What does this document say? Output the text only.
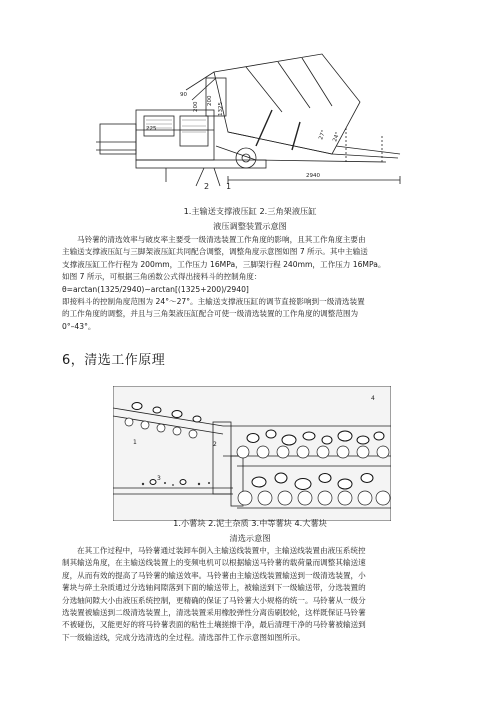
200
200
90
225
1325
27° 24°
2940
1
2
1.主输送支撑液压缸 2.三角架液压缸
液压调整装置示意图

马铃薯的清选效率与破皮率主要受一级清选装置工作角度的影响，且其工作角度主要由
主输送支撑液压缸与三脚架液压缸共同配合调整，调整角度示意图如图 7 所示。其中主输送
支撑液压缸工作行程为 200mm，工作压力 16MPa，三脚架行程 240mm，工作压力 16MPa。
如图 7 所示，可根据三角函数公式得出接料斗的控制角度：
θ=arctan(1325/2940)~arctan[(1325+200)/2940]
即接料斗的控制角度范围为 24°～27°。主输送支撑液压缸的调节直接影响到一级清选装置
的工作角度的调整，并且与三角架液压缸配合可使一级清选装置的工作角度的调整范围为
0°–43°。

6，清选工作原理
1	2
3
4
1.小薯块 2.泥土杂质 3.中等薯块 4.大薯块
清选示意图

在其工作过程中，马铃薯通过装卸车倒入主输送线装置中，主输送线装置由液压系统控
制其输送角度，在主输送线装置上的变频电机可以根据输送马铃薯的载荷量而调整其输送速
度，从而有效的提高了马铃薯的输送效率。马铃薯由主输送线装置输送到一级清选装置，小
薯块与碎土杂质通过分选轴间隙落到下面的输送带上，被输送到下一级输送带，分选装置的
分选轴间隙大小由液压系统控制，更精确的保证了马铃薯大小规格的统一。马铃薯从一级分
选装置被输送到二级清选装置上，清选装置采用橡胶弹性分离齿刷胶轮，这样既保证马铃薯
不被碰伤，又能更好的将马铃薯表面的粘性土壤搓擦干净，最后清理干净的马铃薯被输送到
下一级输送线，完成分选清选的全过程。清选部件工作示意图如图所示。
